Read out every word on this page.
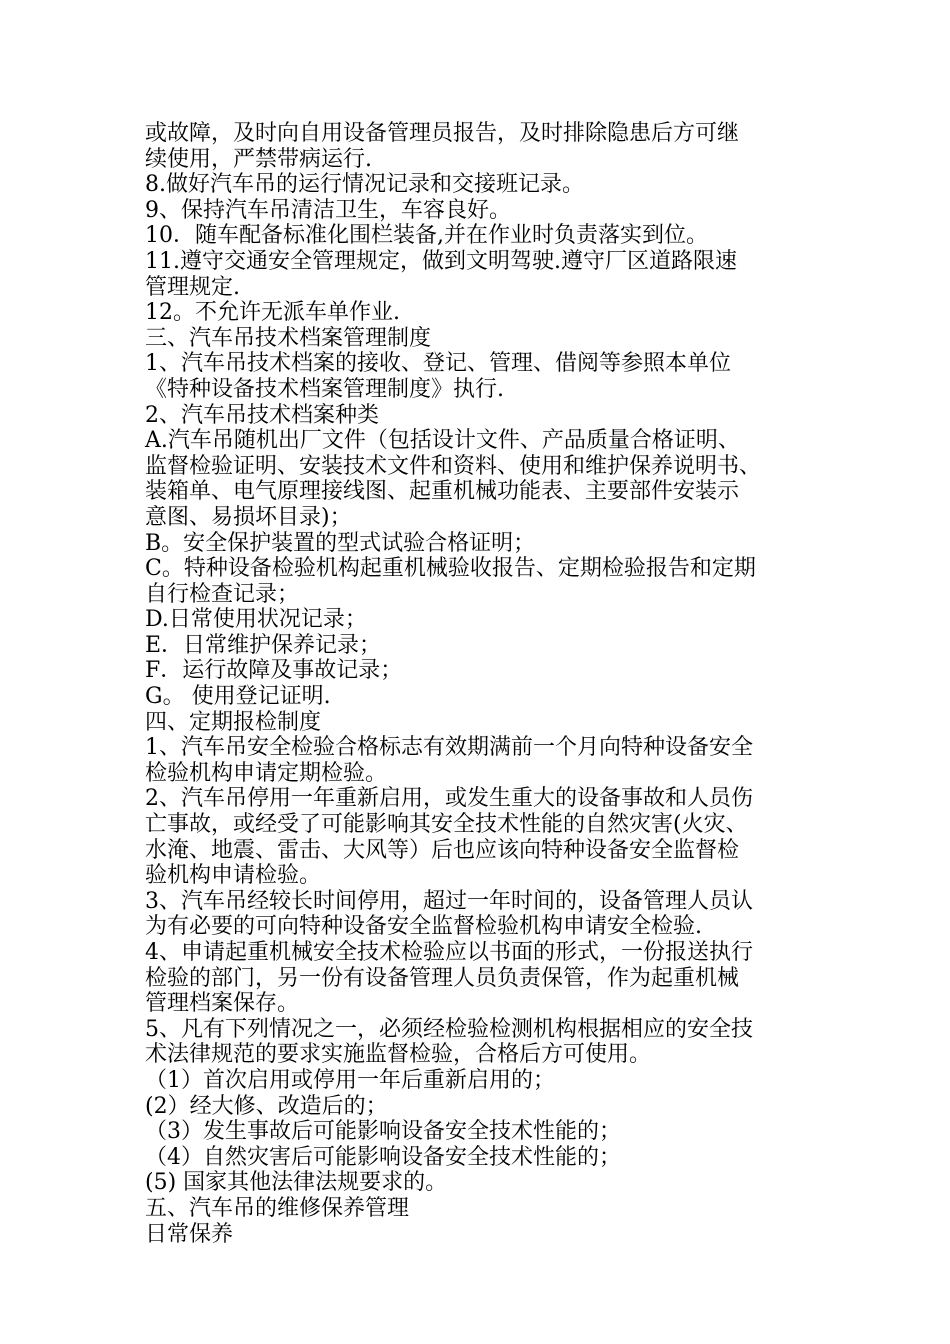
或故障，及时向自用设备管理员报告，及时排除隐患后方可继
续使用，严禁带病运行.
8.做好汽车吊的运行情况记录和交接班记录。
9、保持汽车吊清洁卫生，车容良好。
10．随车配备标准化围栏装备,并在作业时负责落实到位。
11.遵守交通安全管理规定，做到文明驾驶.遵守厂区道路限速
管理规定.
12。不允许无派车单作业.
三、汽车吊技术档案管理制度
1、汽车吊技术档案的接收、登记、管理、借阅等参照本单位
《特种设备技术档案管理制度》执行.
2、汽车吊技术档案种类
A.汽车吊随机出厂文件（包括设计文件、产品质量合格证明、
监督检验证明、安装技术文件和资料、使用和维护保养说明书、
装箱单、电气原理接线图、起重机械功能表、主要部件安装示
意图、易损坏目录)；
B。安全保护装置的型式试验合格证明；
C。特种设备检验机构起重机械验收报告、定期检验报告和定期
自行检查记录；
D.日常使用状况记录；
E．日常维护保养记录；
F．运行故障及事故记录；
G。 使用登记证明.
四、定期报检制度
1、汽车吊安全检验合格标志有效期满前一个月向特种设备安全
检验机构申请定期检验。
2、汽车吊停用一年重新启用，或发生重大的设备事故和人员伤
亡事故，或经受了可能影响其安全技术性能的自然灾害(火灾、
水淹、地震、雷击、大风等）后也应该向特种设备安全监督检
验机构申请检验。
3、汽车吊经较长时间停用，超过一年时间的，设备管理人员认
为有必要的可向特种设备安全监督检验机构申请安全检验.
4、申请起重机械安全技术检验应以书面的形式，一份报送执行
检验的部门，另一份有设备管理人员负责保管，作为起重机械
管理档案保存。
5、凡有下列情况之一，必须经检验检测机构根据相应的安全技
术法律规范的要求实施监督检验，合格后方可使用。
（1）首次启用或停用一年后重新启用的；
(2）经大修、改造后的；
（3）发生事故后可能影响设备安全技术性能的；
（4）自然灾害后可能影响设备安全技术性能的；
(5) 国家其他法律法规要求的。
五、汽车吊的维修保养管理
日常保养
